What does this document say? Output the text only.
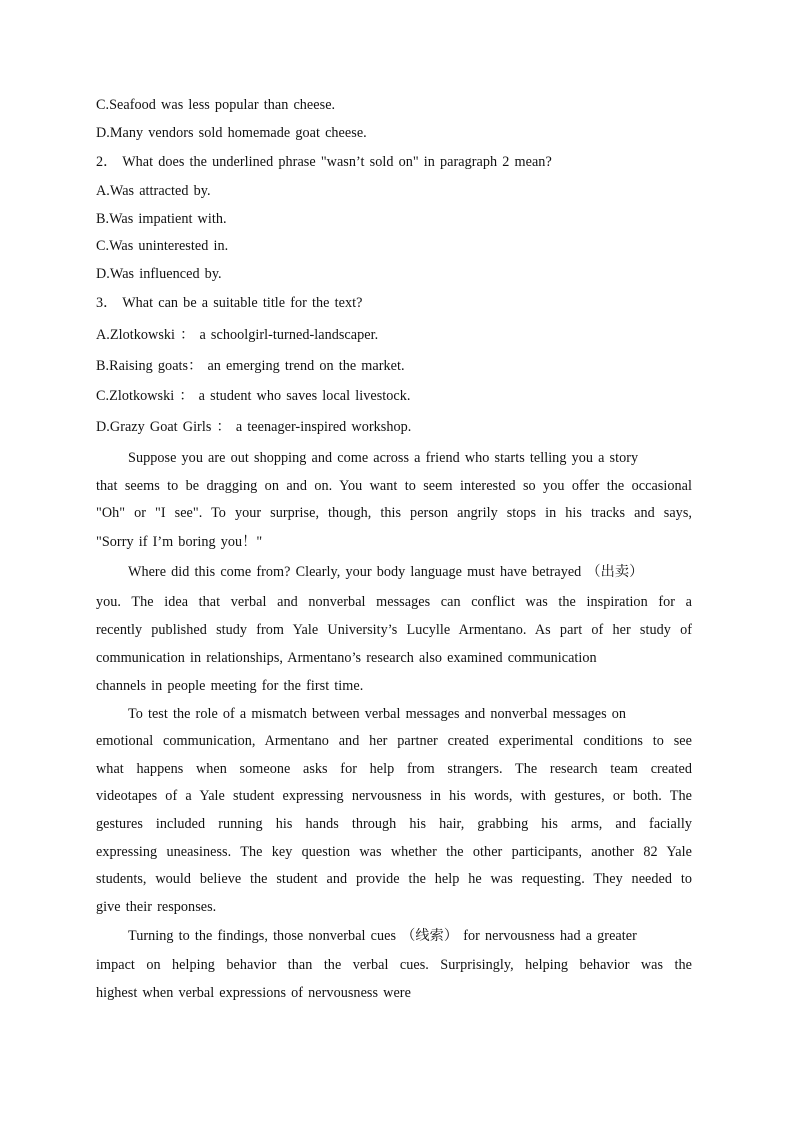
C.Seafood was less popular than cheese.
D.Many vendors sold homemade goat cheese.
2． What does the underlined phrase "wasn’t sold on" in paragraph 2 mean?
A.Was attracted by.
B.Was impatient with.
C.Was uninterested in.
D.Was influenced by.
3． What can be a suitable title for the text?
A.Zlotkowski ： a schoolgirl-turned-landscaper.
B.Raising goats： an emerging trend on the market.
C.Zlotkowski ： a student who saves local livestock.
D.Grazy Goat Girls ： a teenager-inspired workshop.
Suppose you are out shopping and come across a friend who starts telling you a story
that seems to be dragging on and on. You want to seem interested so you offer the occasional
"Oh" or "I see". To your surprise, though, this person angrily stops in his tracks and says,
"Sorry if I’m boring you！"
Where did this come from? Clearly, your body language must have betrayed （出卖）
you. The idea that verbal and nonverbal messages can conflict was the inspiration for a
recently published study from Yale University’s Lucylle Armentano. As part of her study of
communication in relationships, Armentano’s research also examined communication
channels in people meeting for the first time.
To test the role of a mismatch between verbal messages and nonverbal messages on
emotional communication, Armentano and her partner created experimental conditions to see
what happens when someone asks for help from strangers. The research team created
videotapes of a Yale student expressing nervousness in his words, with gestures, or both. The
gestures included running his hands through his hair, grabbing his arms, and facially
expressing uneasiness. The key question was whether the other participants, another 82 Yale
students, would believe the student and provide the help he was requesting. They needed to
give their responses.
Turning to the findings, those nonverbal cues （线索） for nervousness had a greater
impact on helping behavior than the verbal cues. Surprisingly, helping behavior was the
highest when verbal expressions of nervousness were
